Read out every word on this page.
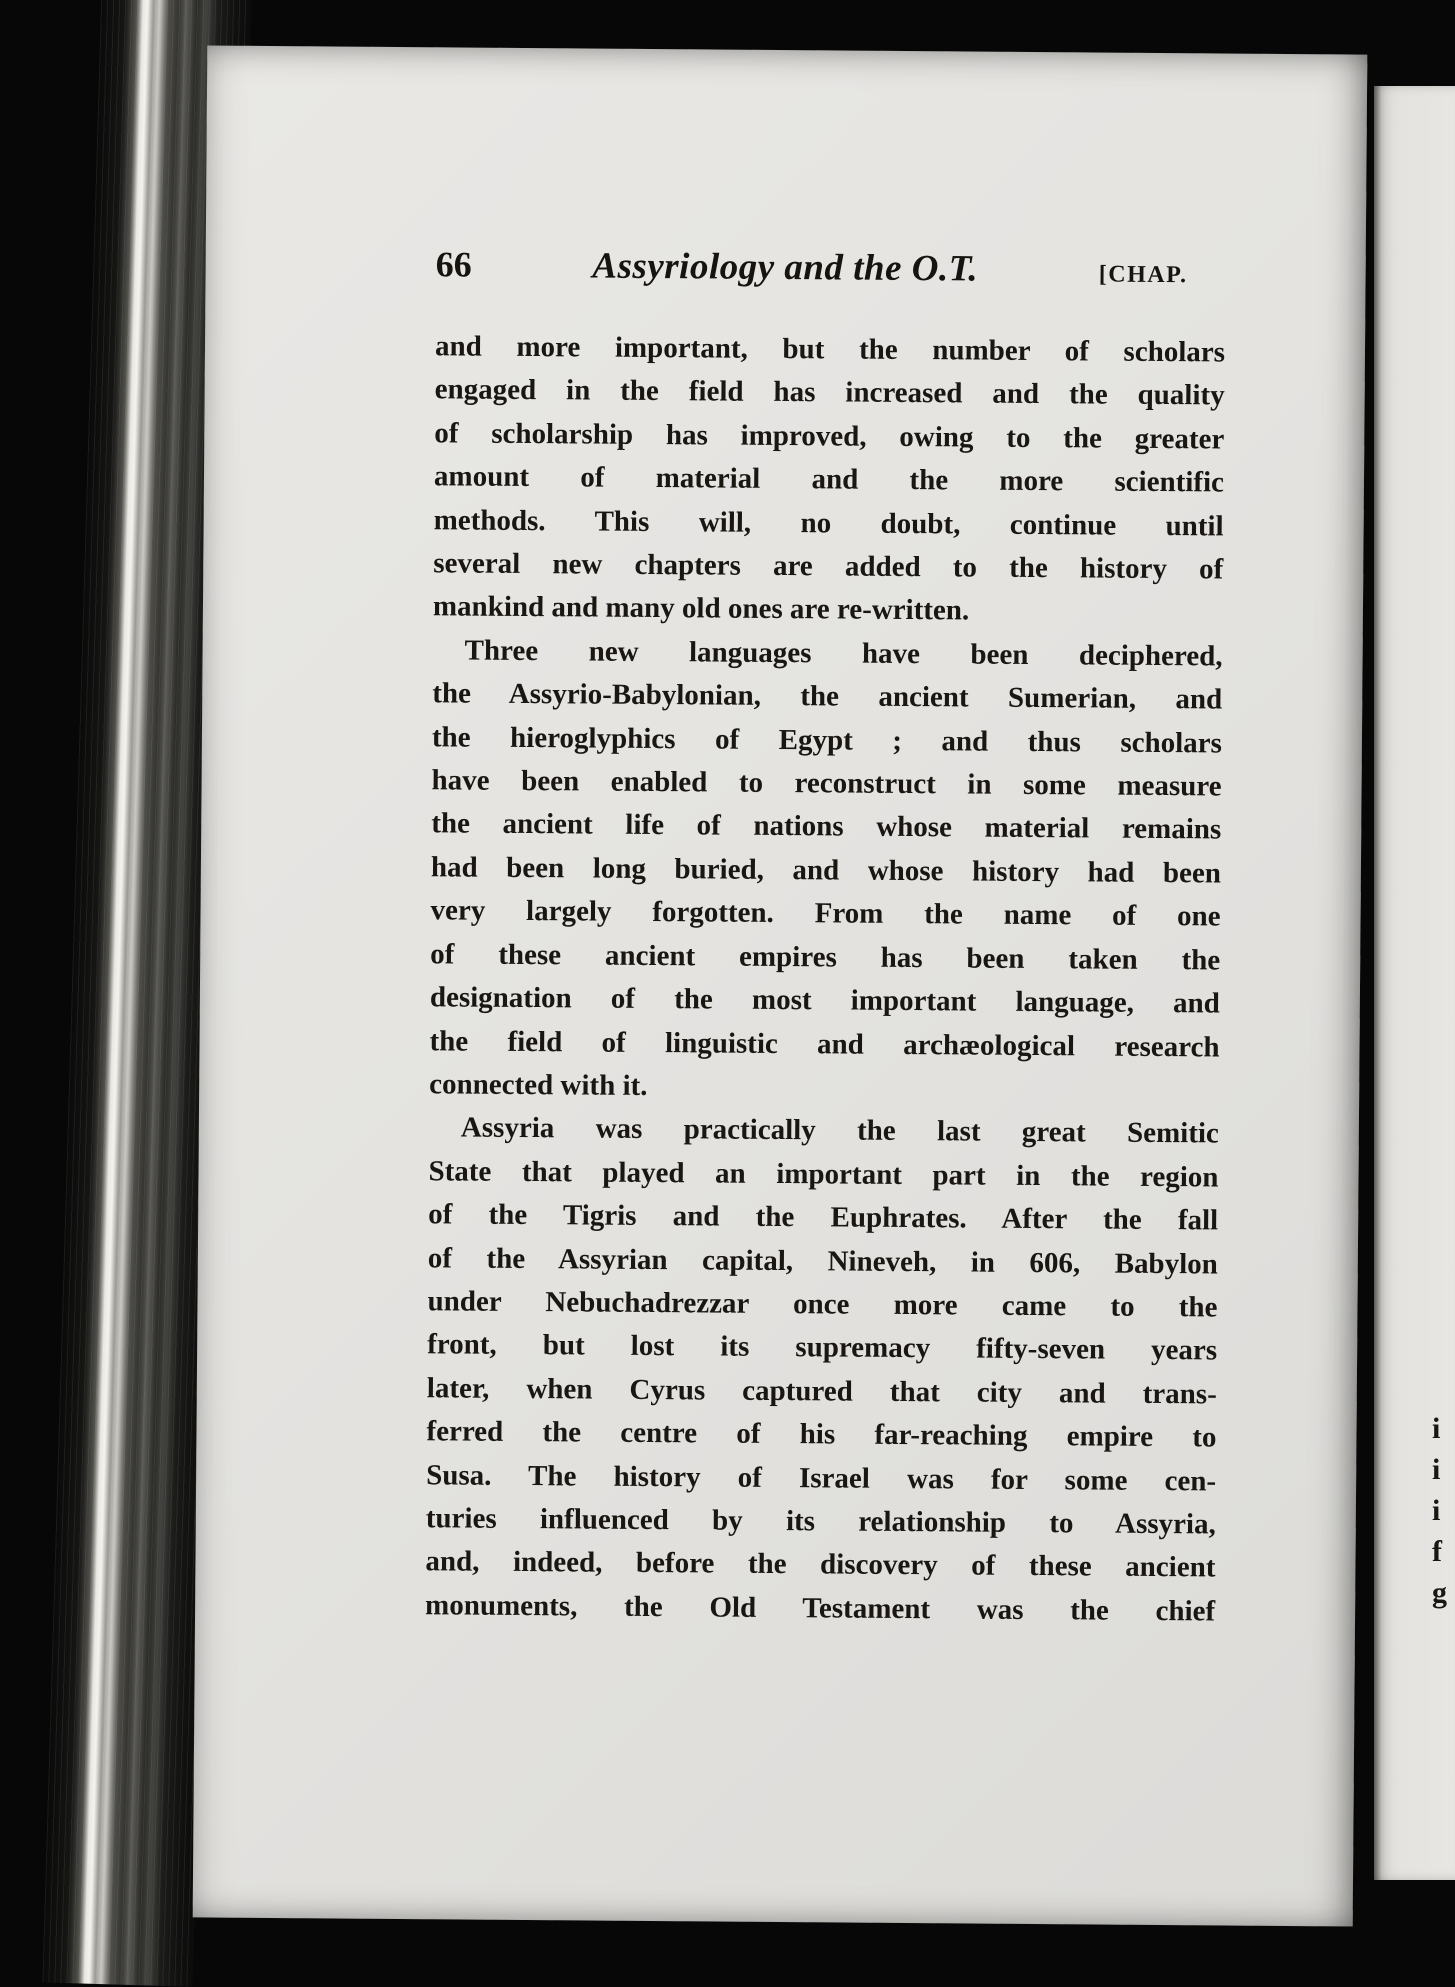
66	Assyriology and the O.T.	[CHAP.
and more important, but the number of scholars
engaged in the field has increased and the quality
of scholarship has improved, owing to the greater
amount of material and the more scientific
methods. This will, no doubt, continue until
several new chapters are added to the history of
mankind and many old ones are re-written.
Three new languages have been deciphered,
the Assyrio-Babylonian, the ancient Sumerian, and
the hieroglyphics of Egypt ; and thus scholars
have been enabled to reconstruct in some measure
the ancient life of nations whose material remains
had been long buried, and whose history had been
very largely forgotten. From the name of one
of these ancient empires has been taken the
designation of the most important language, and
the field of linguistic and archæological research
connected with it.
Assyria was practically the last great Semitic
State that played an important part in the region
of the Tigris and the Euphrates. After the fall
of the Assyrian capital, Nineveh, in 606, Babylon
under Nebuchadrezzar once more came to the
front, but lost its supremacy fifty-seven years
later, when Cyrus captured that city and trans-
ferred the centre of his far-reaching empire to
Susa. The history of Israel was for some cen-
turies influenced by its relationship to Assyria,
and, indeed, before the discovery of these ancient
monuments, the Old Testament was the chief
i
i
i
f
g
